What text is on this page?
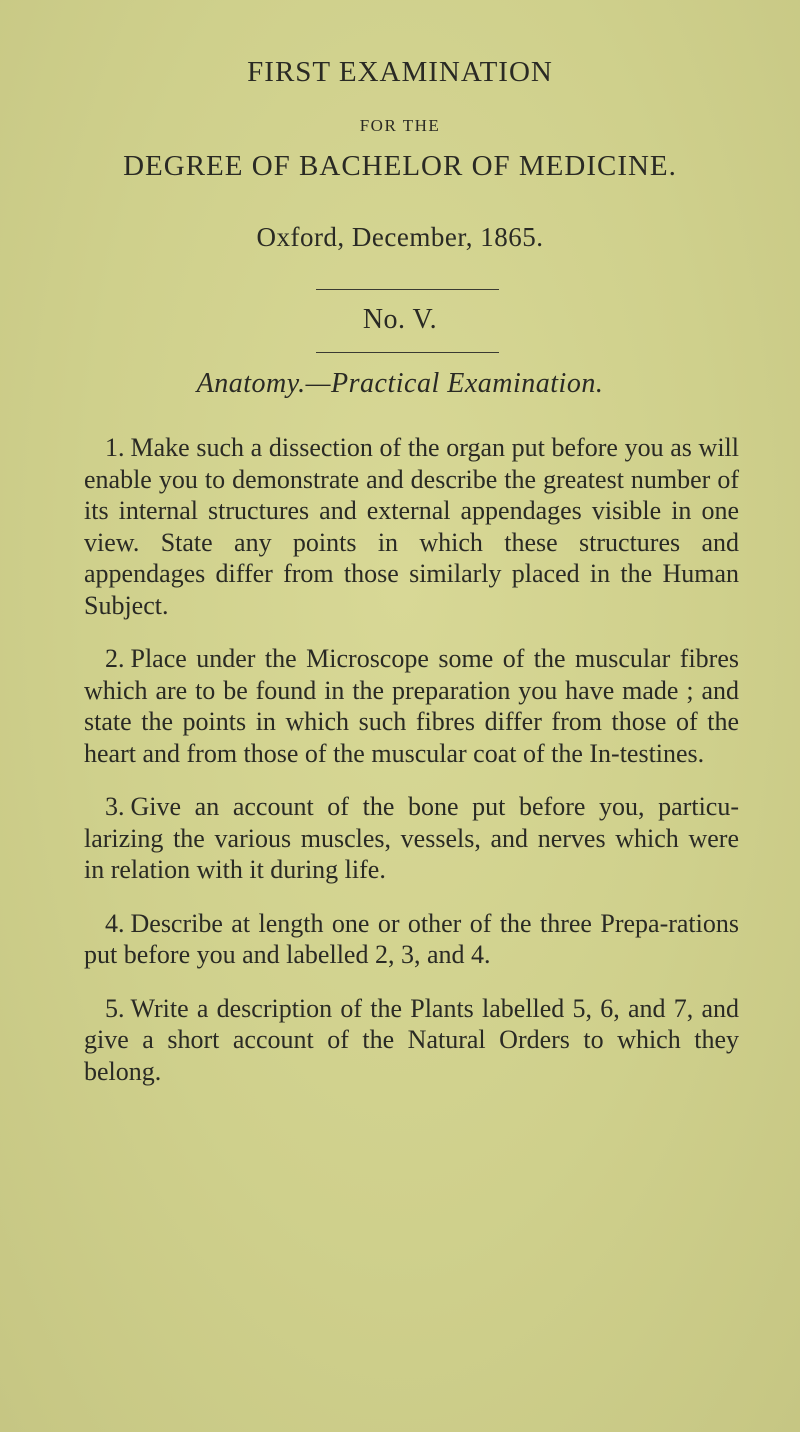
FIRST EXAMINATION
FOR THE
DEGREE OF BACHELOR OF MEDICINE.
Oxford, December, 1865.
No. V.
Anatomy.—Practical Examination.

1. Make such a dissection of the organ put before you as will enable you to demonstrate and describe the greatest number of its internal structures and external appendages visible in one view. State any points in which these structures and appendages differ from those similarly placed in the Human Subject.

2. Place under the Microscope some of the muscular fibres which are to be found in the preparation you have made ; and state the points in which such fibres differ from those of the heart and from those of the muscular coat of the In-testines.

3. Give an account of the bone put before you, particu-larizing the various muscles, vessels, and nerves which were in relation with it during life.

4. Describe at length one or other of the three Prepa-rations put before you and labelled 2, 3, and 4.

5. Write a description of the Plants labelled 5, 6, and 7, and give a short account of the Natural Orders to which they belong.
